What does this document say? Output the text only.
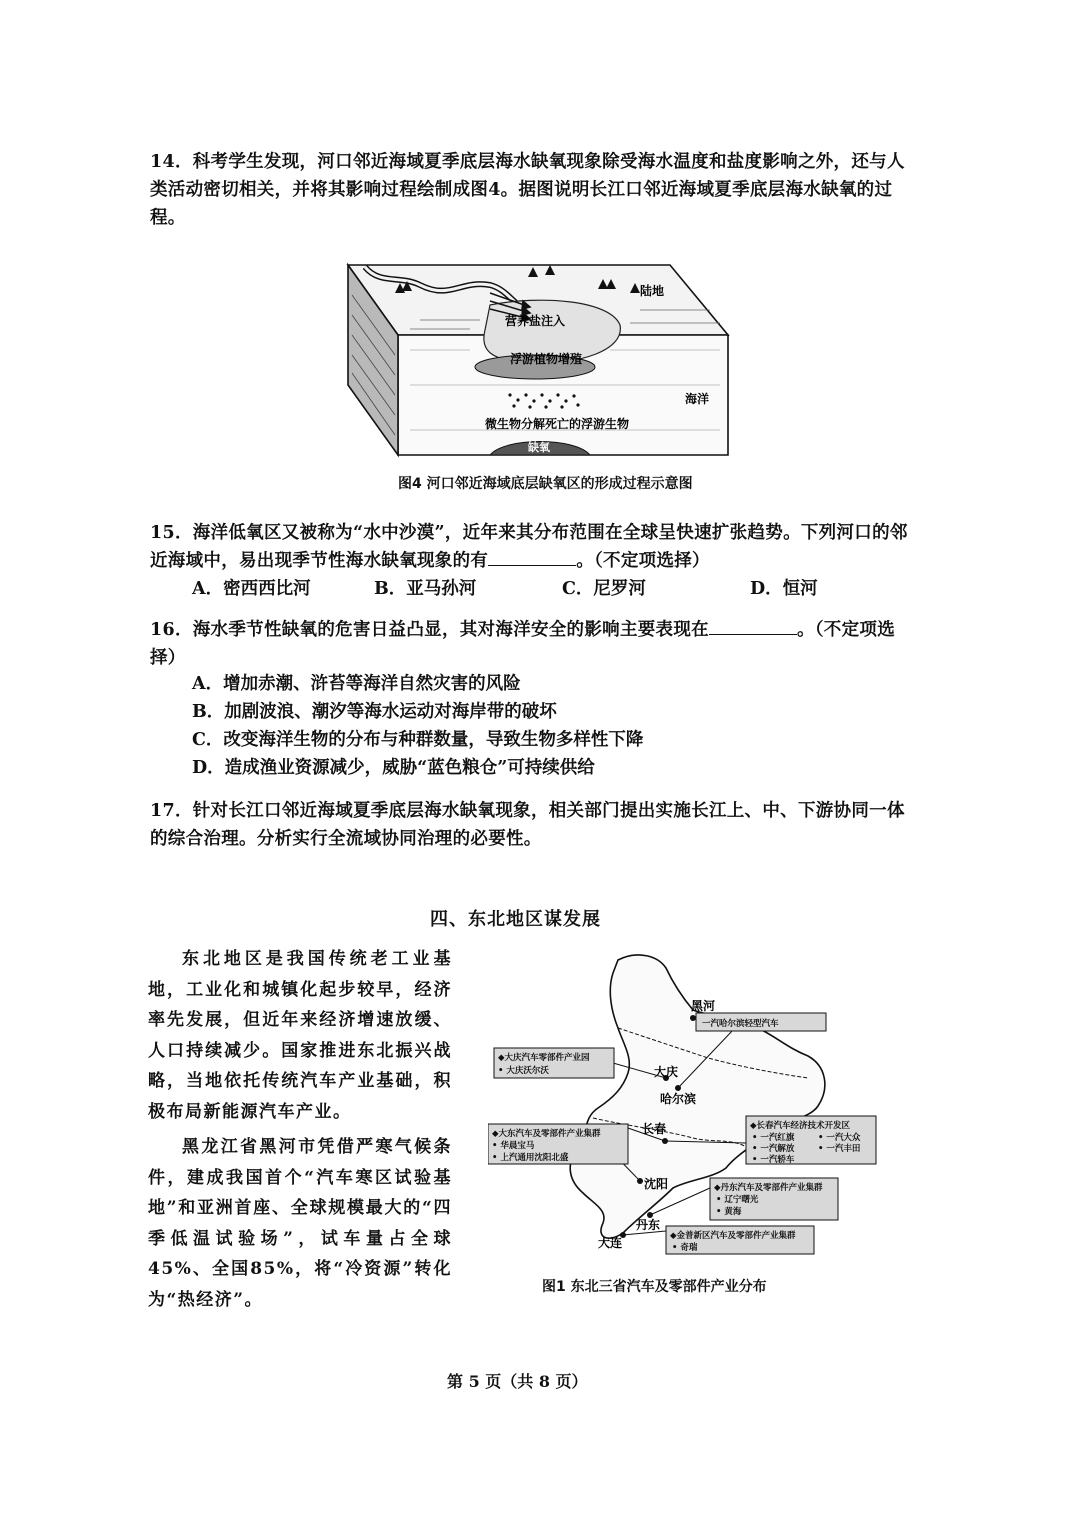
14．科考学生发现，河口邻近海域夏季底层海水缺氧现象除受海水温度和盐度影响之外，还与人类活动密切相关，并将其影响过程绘制成图4。据图说明长江口邻近海域夏季底层海水缺氧的过程。
陆地
营养盐注入
浮游植物增殖
海洋
微生物分解死亡的浮游生物
缺氧
图4 河口邻近海域底层缺氧区的形成过程示意图
15．海洋低氧区又被称为“水中沙漠”，近年来其分布范围在全球呈快速扩张趋势。下列河口的邻近海域中，易出现季节性海水缺氧现象的有	。（不定项选择）
A．密西西比河	B．亚马孙河	C．尼罗河	D．恒河
16．海水季节性缺氧的危害日益凸显，其对海洋安全的影响主要表现在	。（不定项选择）
A．增加赤潮、浒苔等海洋自然灾害的风险
B．加剧波浪、潮汐等海水运动对海岸带的破坏
C．改变海洋生物的分布与种群数量，导致生物多样性下降
D．造成渔业资源减少，威胁“蓝色粮仓”可持续供给
17．针对长江口邻近海域夏季底层海水缺氧现象，相关部门提出实施长江上、中、下游协同一体的综合治理。分析实行全流域协同治理的必要性。
四、东北地区谋发展
东北地区是我国传统老工业基地，工业化和城镇化起步较早，经济率先发展，但近年来经济增速放缓、人口持续减少。国家推进东北振兴战略，当地依托传统汽车产业基础，积极布局新能源汽车产业。
黑龙江省黑河市凭借严寒气候条件，建成我国首个“汽车寒区试验基地”和亚洲首座、全球规模最大的“四季低温试验场”，试车量占全球45%、全国85%，将“冷资源”转化为“热经济”。
黑河
大庆
哈尔滨
长春
沈阳
丹东
大连
一汽哈尔滨轻型汽车
◆大庆汽车零部件产业园
• 大庆沃尔沃
◆大东汽车及零部件产业集群
• 华晨宝马
• 上汽通用沈阳北盛
◆长春汽车经济技术开发区
• 一汽红旗	• 一汽大众
• 一汽解放	• 一汽丰田
• 一汽轿车
◆丹东汽车及零部件产业集群
• 辽宁曙光
• 黄海
◆金普新区汽车及零部件产业集群
• 奇瑞
图1 东北三省汽车及零部件产业分布
第 5 页（共 8 页）
